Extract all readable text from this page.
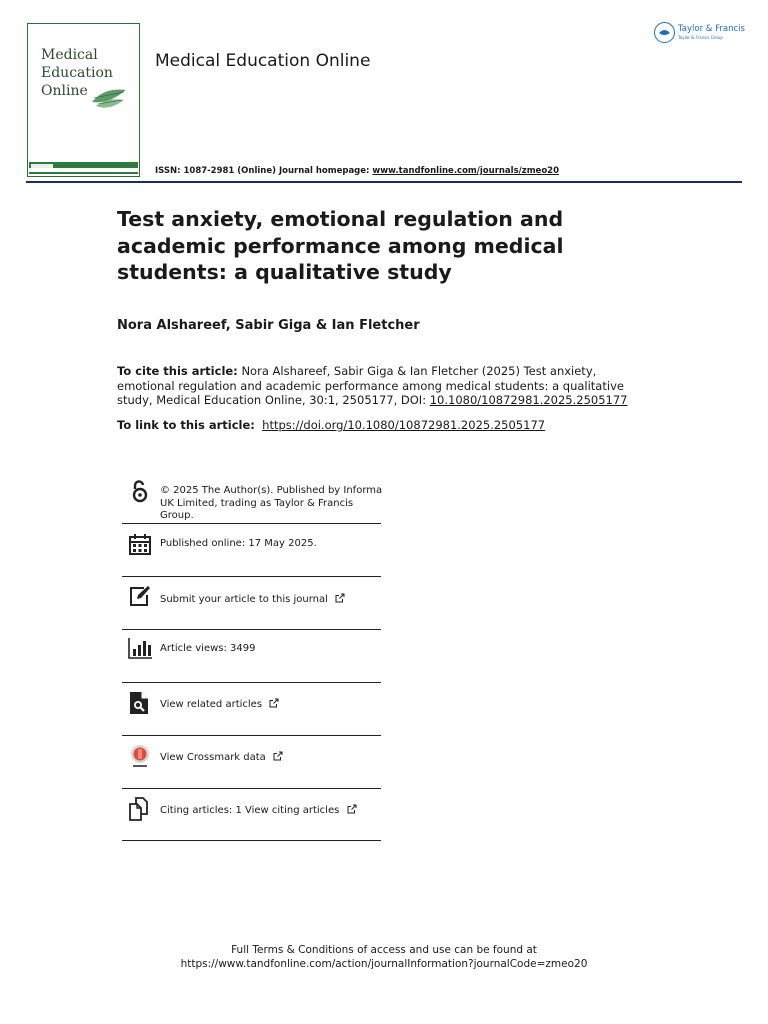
Medical
Education
Online
Medical Education Online
Taylor & Francis
Taylor & Francis Group
ISSN: 1087-2981 (Online) Journal homepage: www.tandfonline.com/journals/zmeo20
Test anxiety, emotional regulation and academic performance among medical students: a qualitative study
Nora Alshareef, Sabir Giga & Ian Fletcher
To cite this article: Nora Alshareef, Sabir Giga & Ian Fletcher (2025) Test anxiety, emotional regulation and academic performance among medical students: a qualitative study, Medical Education Online, 30:1, 2505177, DOI: 10.1080/10872981.2025.2505177
To link to this article: https://doi.org/10.1080/10872981.2025.2505177
© 2025 The Author(s). Published by Informa UK Limited, trading as Taylor & Francis Group.
Published online: 17 May 2025.
Submit your article to this journal
Article views: 3499
View related articles
View Crossmark data
Citing articles: 1 View citing articles
Full Terms & Conditions of access and use can be found at
https://www.tandfonline.com/action/journalInformation?journalCode=zmeo20
